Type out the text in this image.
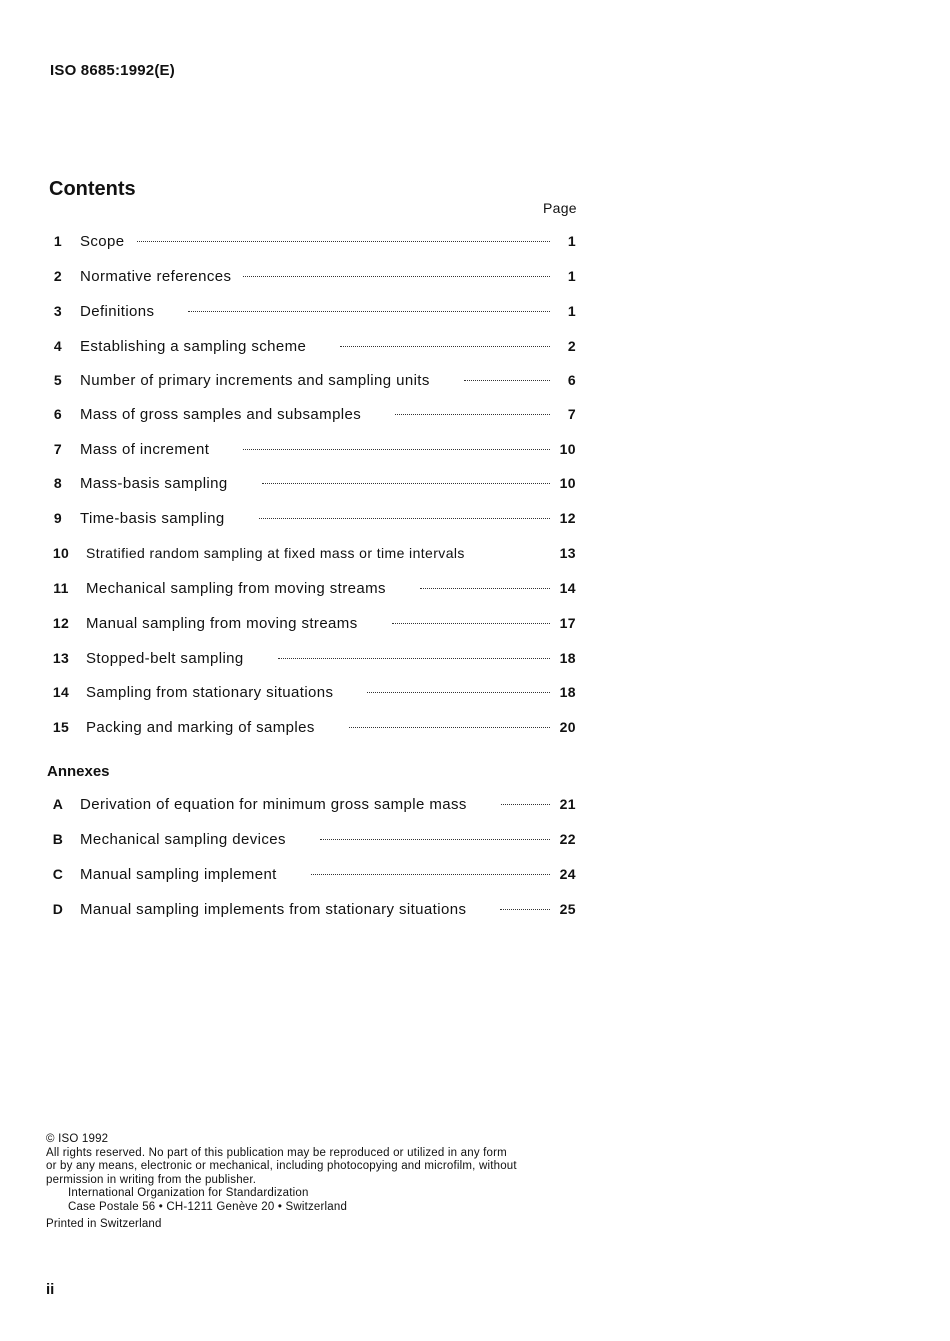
ISO 8685:1992(E)
Contents
Page
1	Scope	1
2	Normative references	1
3	Definitions	1
4	Establishing a sampling scheme	2
5	Number of primary increments and sampling units	6
6	Mass of gross samples and subsamples	7
7	Mass of increment	10
8	Mass-basis sampling	10
9	Time-basis sampling	12
10	Stratified random sampling at fixed mass or time intervals	13
11	Mechanical sampling from moving streams	14
12	Manual sampling from moving streams	17
13	Stopped-belt sampling	18
14	Sampling from stationary situations	18
15	Packing and marking of samples	20
Annexes
A	Derivation of equation for minimum gross sample mass	21
B	Mechanical sampling devices	22
C	Manual sampling implement	24
D	Manual sampling implements from stationary situations	25
© ISO 1992
All rights reserved. No part of this publication may be reproduced or utilized in any form
or by any means, electronic or mechanical, including photocopying and microfilm, without
permission in writing from the publisher.
International Organization for Standardization
Case Postale 56 • CH-1211 Genève 20 • Switzerland
Printed in Switzerland
ii
